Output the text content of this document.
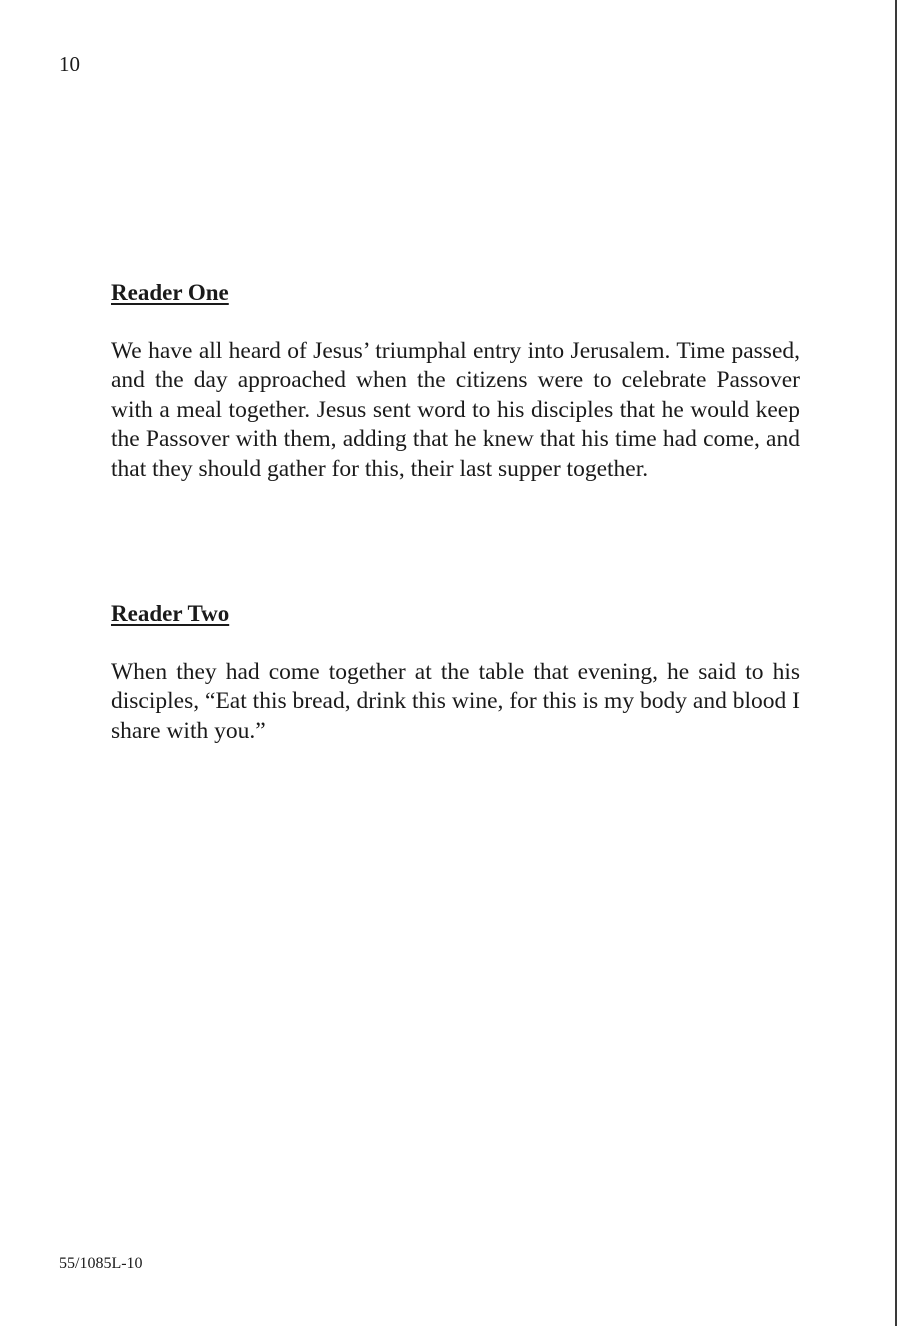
10

Reader One

We have all heard of Jesus’ triumphal entry into Jerusalem. Time passed, and the day approached when the citizens were to celebrate Passover with a meal together. Jesus sent word to his disciples that he would keep the Passover with them, adding that he knew that his time had come, and that they should gather for this, their last supper together.

Reader Two

When they had come together at the table that evening, he said to his disciples, “Eat this bread, drink this wine, for this is my body and blood I share with you.”

55/1085L-10
